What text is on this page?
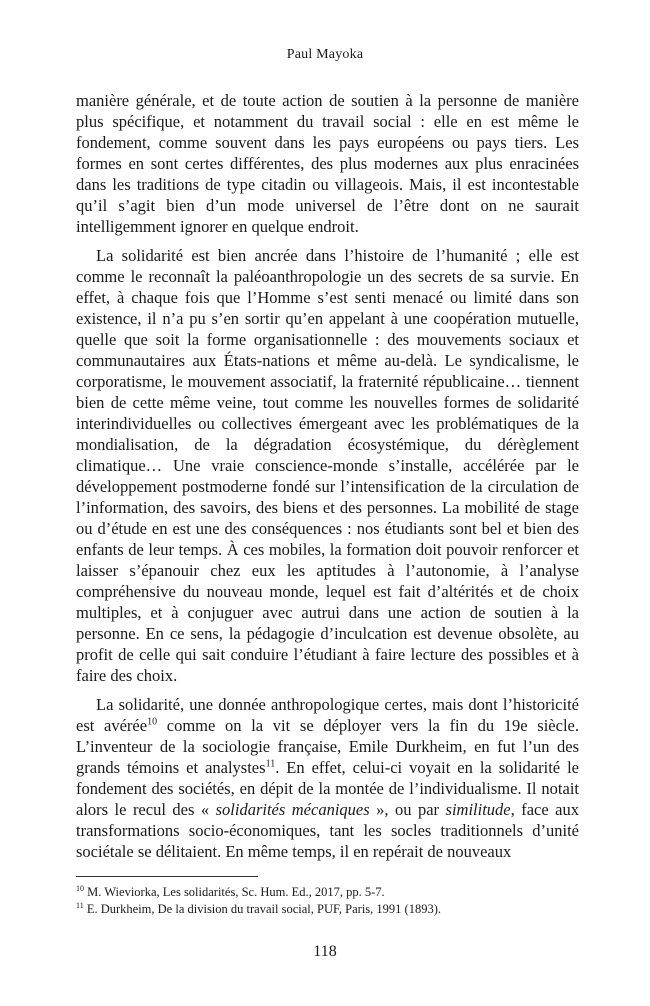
Paul Mayoka

manière générale, et de toute action de soutien à la personne de manière plus spécifique, et notamment du travail social : elle en est même le fondement, comme souvent dans les pays européens ou pays tiers. Les formes en sont certes différentes, des plus modernes aux plus enracinées dans les traditions de type citadin ou villageois. Mais, il est incontestable qu’il s’agit bien d’un mode universel de l’être dont on ne saurait intelligemment ignorer en quelque endroit.

La solidarité est bien ancrée dans l’histoire de l’humanité ; elle est comme le reconnaît la paléoanthropologie un des secrets de sa survie. En effet, à chaque fois que l’Homme s’est senti menacé ou limité dans son existence, il n’a pu s’en sortir qu’en appelant à une coopération mutuelle, quelle que soit la forme organisationnelle : des mouvements sociaux et communautaires aux États-nations et même au-delà. Le syndicalisme, le corporatisme, le mouvement associatif, la fraternité républicaine… tiennent bien de cette même veine, tout comme les nouvelles formes de solidarité interindividuelles ou collectives émergeant avec les problématiques de la mondialisation, de la dégradation écosystémique, du dérèglement climatique… Une vraie conscience-monde s’installe, accélérée par le développement postmoderne fondé sur l’intensification de la circulation de l’information, des savoirs, des biens et des personnes. La mobilité de stage ou d’étude en est une des conséquences : nos étudiants sont bel et bien des enfants de leur temps. À ces mobiles, la formation doit pouvoir renforcer et laisser s’épanouir chez eux les aptitudes à l’autonomie, à l’analyse compréhensive du nouveau monde, lequel est fait d’altérités et de choix multiples, et à conjuguer avec autrui dans une action de soutien à la personne. En ce sens, la pédagogie d’inculcation est devenue obsolète, au profit de celle qui sait conduire l’étudiant à faire lecture des possibles et à faire des choix.

La solidarité, une donnée anthropologique certes, mais dont l’historicité est avérée$^{10}$ comme on la vit se déployer vers la fin du 19e siècle. L’inventeur de la sociologie française, Emile Durkheim, en fut l’un des grands témoins et analystes$^{11}$. En effet, celui-ci voyait en la solidarité le fondement des sociétés, en dépit de la montée de l’individualisme. Il notait alors le recul des « solidarités mécaniques », ou par similitude, face aux transformations socio-économiques, tant les socles traditionnels d’unité sociétale se délitaient. En même temps, il en repérait de nouveaux

$^{10}$ M. Wieviorka, Les solidarités, Sc. Hum. Ed., 2017, pp. 5-7.
$^{11}$ E. Durkheim, De la division du travail social, PUF, Paris, 1991 (1893).
118
